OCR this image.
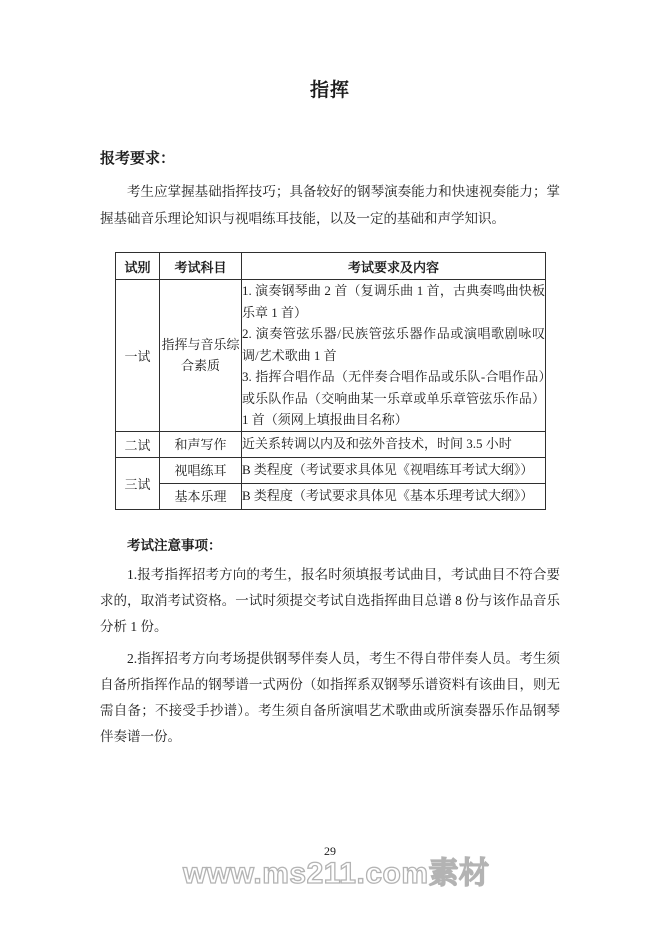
指挥
报考要求：

考生应掌握基础指挥技巧；具备较好的钢琴演奏能力和快速视奏能力；掌握基础音乐理论知识与视唱练耳技能，以及一定的基础和声学知识。

试别	考试科目	考试要求及内容
一试	指挥与音乐综合素质	1. 演奏钢琴曲 2 首（复调乐曲 1 首，古典奏鸣曲快板乐章 1 首）

2. 演奏管弦乐器/民族管弦乐器作品或演唱歌剧咏叹调/艺术歌曲 1 首

3. 指挥合唱作品（无伴奏合唱作品或乐队-合唱作品）或乐队作品（交响曲某一乐章或单乐章管弦乐作品）1 首（须网上填报曲目名称）

二试	和声写作	近关系转调以内及和弦外音技术，时间 3.5 小时

三试	视唱练耳	B 类程度（考试要求具体见《视唱练耳考试大纲》）

	基本乐理	B 类程度（考试要求具体见《基本乐理考试大纲》）

考试注意事项：

1.报考指挥招考方向的考生，报名时须填报考试曲目，考试曲目不符合要求的，取消考试资格。一试时须提交考试自选指挥曲目总谱 8 份与该作品音乐分析 1 份。

2.指挥招考方向考场提供钢琴伴奏人员，考生不得自带伴奏人员。考生须自备所指挥作品的钢琴谱一式两份（如指挥系双钢琴乐谱资料有该曲目，则无需自备；不接受手抄谱）。考生须自备所演唱艺术歌曲或所演奏器乐作品钢琴伴奏谱一份。

29
www.ms211.com素材
